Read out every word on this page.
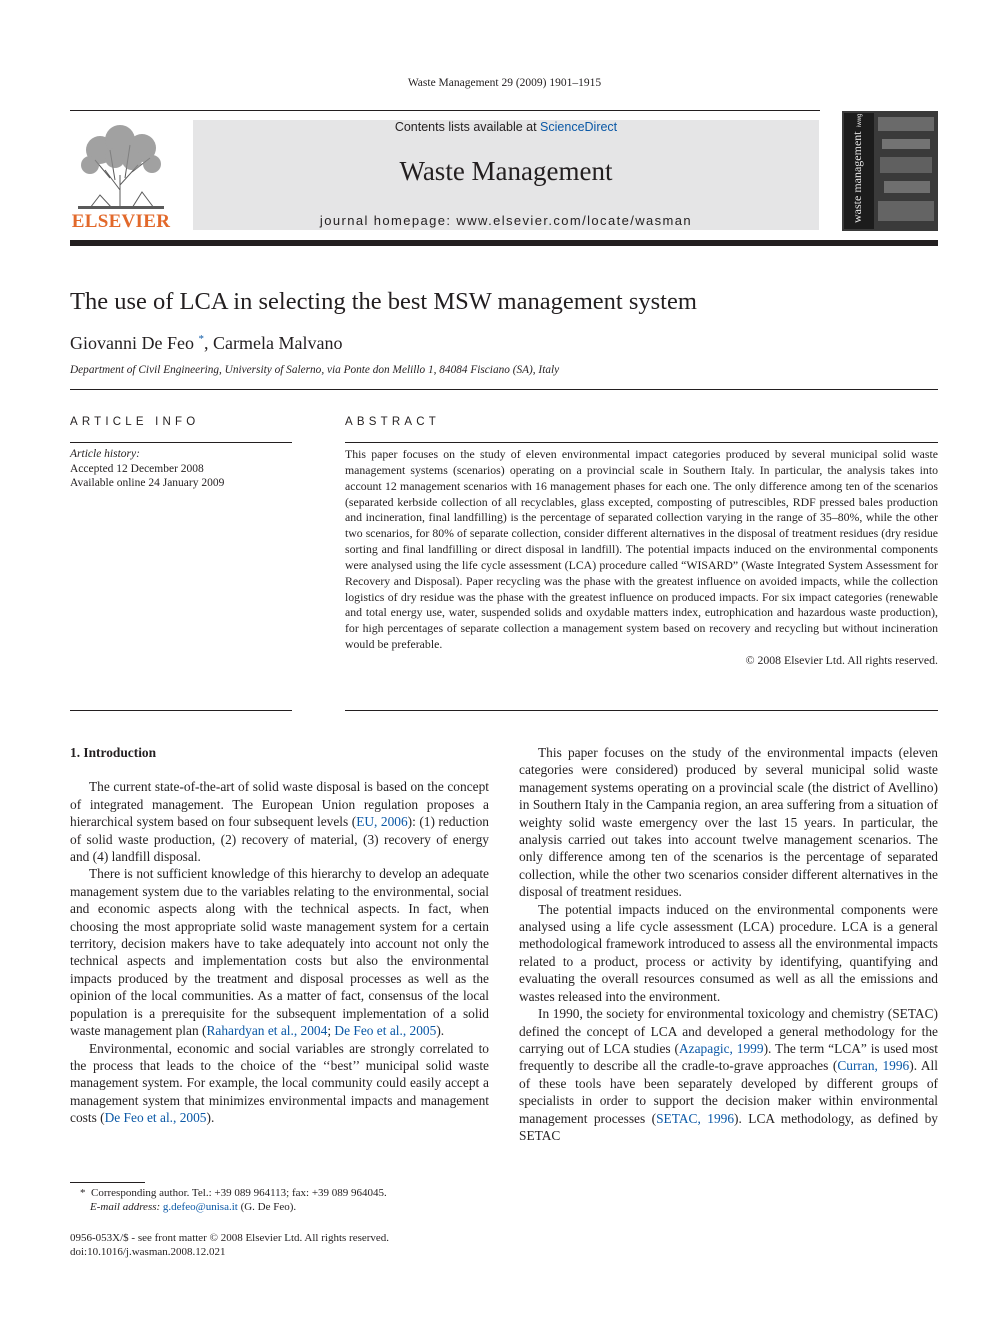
Waste Management 29 (2009) 1901–1915
ELSEVIER
Contents lists available at ScienceDirect
Waste Management
journal homepage: www.elsevier.com/locate/wasman	waste management
iwwg
The use of LCA in selecting the best MSW management system
Giovanni De Feo *, Carmela Malvano
Department of Civil Engineering, University of Salerno, via Ponte don Melillo 1, 84084 Fisciano (SA), Italy
ARTICLE INFO
Article history:
Accepted 12 December 2008
Available online 24 January 2009
ABSTRACT

This paper focuses on the study of eleven environmental impact categories produced by several municipal solid waste management systems (scenarios) operating on a provincial scale in Southern Italy. In particular, the analysis takes into account 12 management scenarios with 16 management phases for each one. The only difference among ten of the scenarios (separated kerbside collection of all recyclables, glass excepted, composting of putrescibles, RDF pressed bales production and incineration, final landfilling) is the percentage of separated collection varying in the range of 35–80%, while the other two scenarios, for 80% of separate collection, consider different alternatives in the disposal of treatment residues (dry residue sorting and final landfilling or direct disposal in landfill). The potential impacts induced on the environmental components were analysed using the life cycle assessment (LCA) procedure called “WISARD” (Waste Integrated System Assessment for Recovery and Disposal). Paper recycling was the phase with the greatest influence on avoided impacts, while the collection logistics of dry residue was the phase with the greatest influence on produced impacts. For six impact categories (renewable and total energy use, water, suspended solids and oxydable matters index, eutrophication and hazardous waste production), for high percentages of separate collection a management system based on recovery and recycling but without incineration would be preferable.

© 2008 Elsevier Ltd. All rights reserved.

1. Introduction

The current state-of-the-art of solid waste disposal is based on the concept of integrated management. The European Union regulation proposes a hierarchical system based on four subsequent levels (EU, 2006): (1) reduction of solid waste production, (2) recovery of material, (3) recovery of energy and (4) landfill disposal.

There is not sufficient knowledge of this hierarchy to develop an adequate management system due to the variables relating to the environmental, social and economic aspects along with the technical aspects. In fact, when choosing the most appropriate solid waste management system for a certain territory, decision makers have to take adequately into account not only the technical aspects and implementation costs but also the environmental impacts produced by the treatment and disposal processes as well as the opinion of the local communities. As a matter of fact, consensus of the local population is a prerequisite for the subsequent implementation of a solid waste management plan (Rahardyan et al., 2004; De Feo et al., 2005).

Environmental, economic and social variables are strongly correlated to the process that leads to the choice of the ‘‘best’’ municipal solid waste management system. For example, the local community could easily accept a management system that minimizes environmental impacts and management costs (De Feo et al., 2005).

* Corresponding author. Tel.: +39 089 964113; fax: +39 089 964045.
E-mail address: g.defeo@unisa.it (G. De Feo).
0956-053X/$ - see front matter © 2008 Elsevier Ltd. All rights reserved.
doi:10.1016/j.wasman.2008.12.021

This paper focuses on the study of the environmental impacts (eleven categories were considered) produced by several municipal solid waste management systems operating on a provincial scale (the district of Avellino) in Southern Italy in the Campania region, an area suffering from a situation of weighty solid waste emergency over the last 15 years. In particular, the analysis carried out takes into account twelve management scenarios. The only difference among ten of the scenarios is the percentage of separated collection, while the other two scenarios consider different alternatives in the disposal of treatment residues.

The potential impacts induced on the environmental components were analysed using a life cycle assessment (LCA) procedure. LCA is a general methodological framework introduced to assess all the environmental impacts related to a product, process or activity by identifying, quantifying and evaluating the overall resources consumed as well as all the emissions and wastes released into the environment.

In 1990, the society for environmental toxicology and chemistry (SETAC) defined the concept of LCA and developed a general methodology for the carrying out of LCA studies (Azapagic, 1999). The term “LCA” is used most frequently to describe all the cradle-to-grave approaches (Curran, 1996). All of these tools have been separately developed by different groups of specialists in order to support the decision maker within environmental management processes (SETAC, 1996). LCA methodology, as defined by SETAC
